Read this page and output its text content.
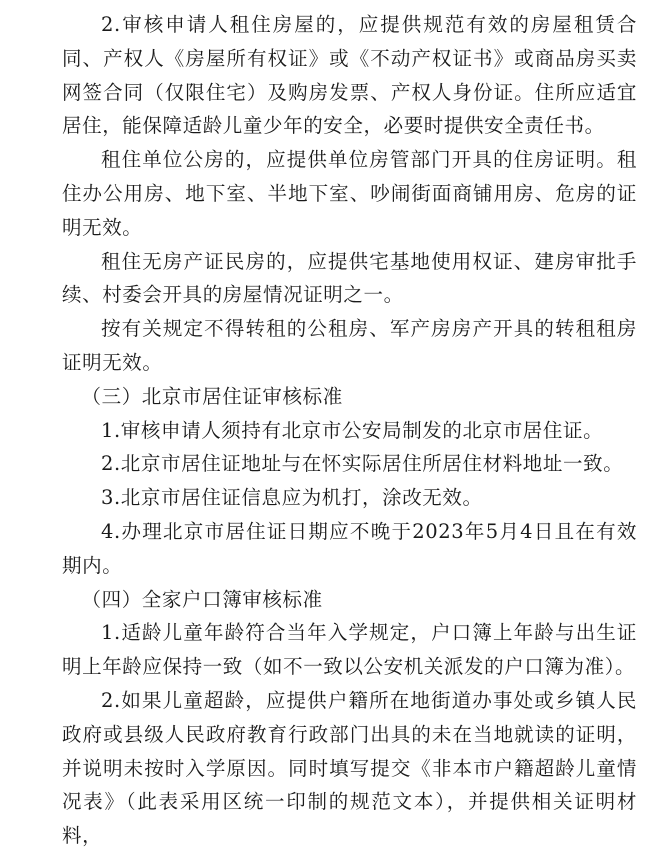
2.审核申请人租住房屋的，应提供规范有效的房屋租赁合同、产权人《房屋所有权证》或《不动产权证书》或商品房买卖网签合同（仅限住宅）及购房发票、产权人身份证。住所应适宜居住，能保障适龄儿童少年的安全，必要时提供安全责任书。

租住单位公房的，应提供单位房管部门开具的住房证明。租住办公用房、地下室、半地下室、吵闹街面商铺用房、危房的证明无效。

租住无房产证民房的，应提供宅基地使用权证、建房审批手续、村委会开具的房屋情况证明之一。

按有关规定不得转租的公租房、军产房房产开具的转租租房证明无效。

（三）北京市居住证审核标准

1.审核申请人须持有北京市公安局制发的北京市居住证。

2.北京市居住证地址与在怀实际居住所居住材料地址一致。

3.北京市居住证信息应为机打，涂改无效。

4.办理北京市居住证日期应不晚于2023年5月4日且在有效期内。

（四）全家户口簿审核标准

1.适龄儿童年龄符合当年入学规定，户口簿上年龄与出生证明上年龄应保持一致（如不一致以公安机关派发的户口簿为准）。

2.如果儿童超龄，应提供户籍所在地街道办事处或乡镇人民政府或县级人民政府教育行政部门出具的未在当地就读的证明，并说明未按时入学原因。同时填写提交《非本市户籍超龄儿童情况表》（此表采用区统一印制的规范文本），并提供相关证明材料，
